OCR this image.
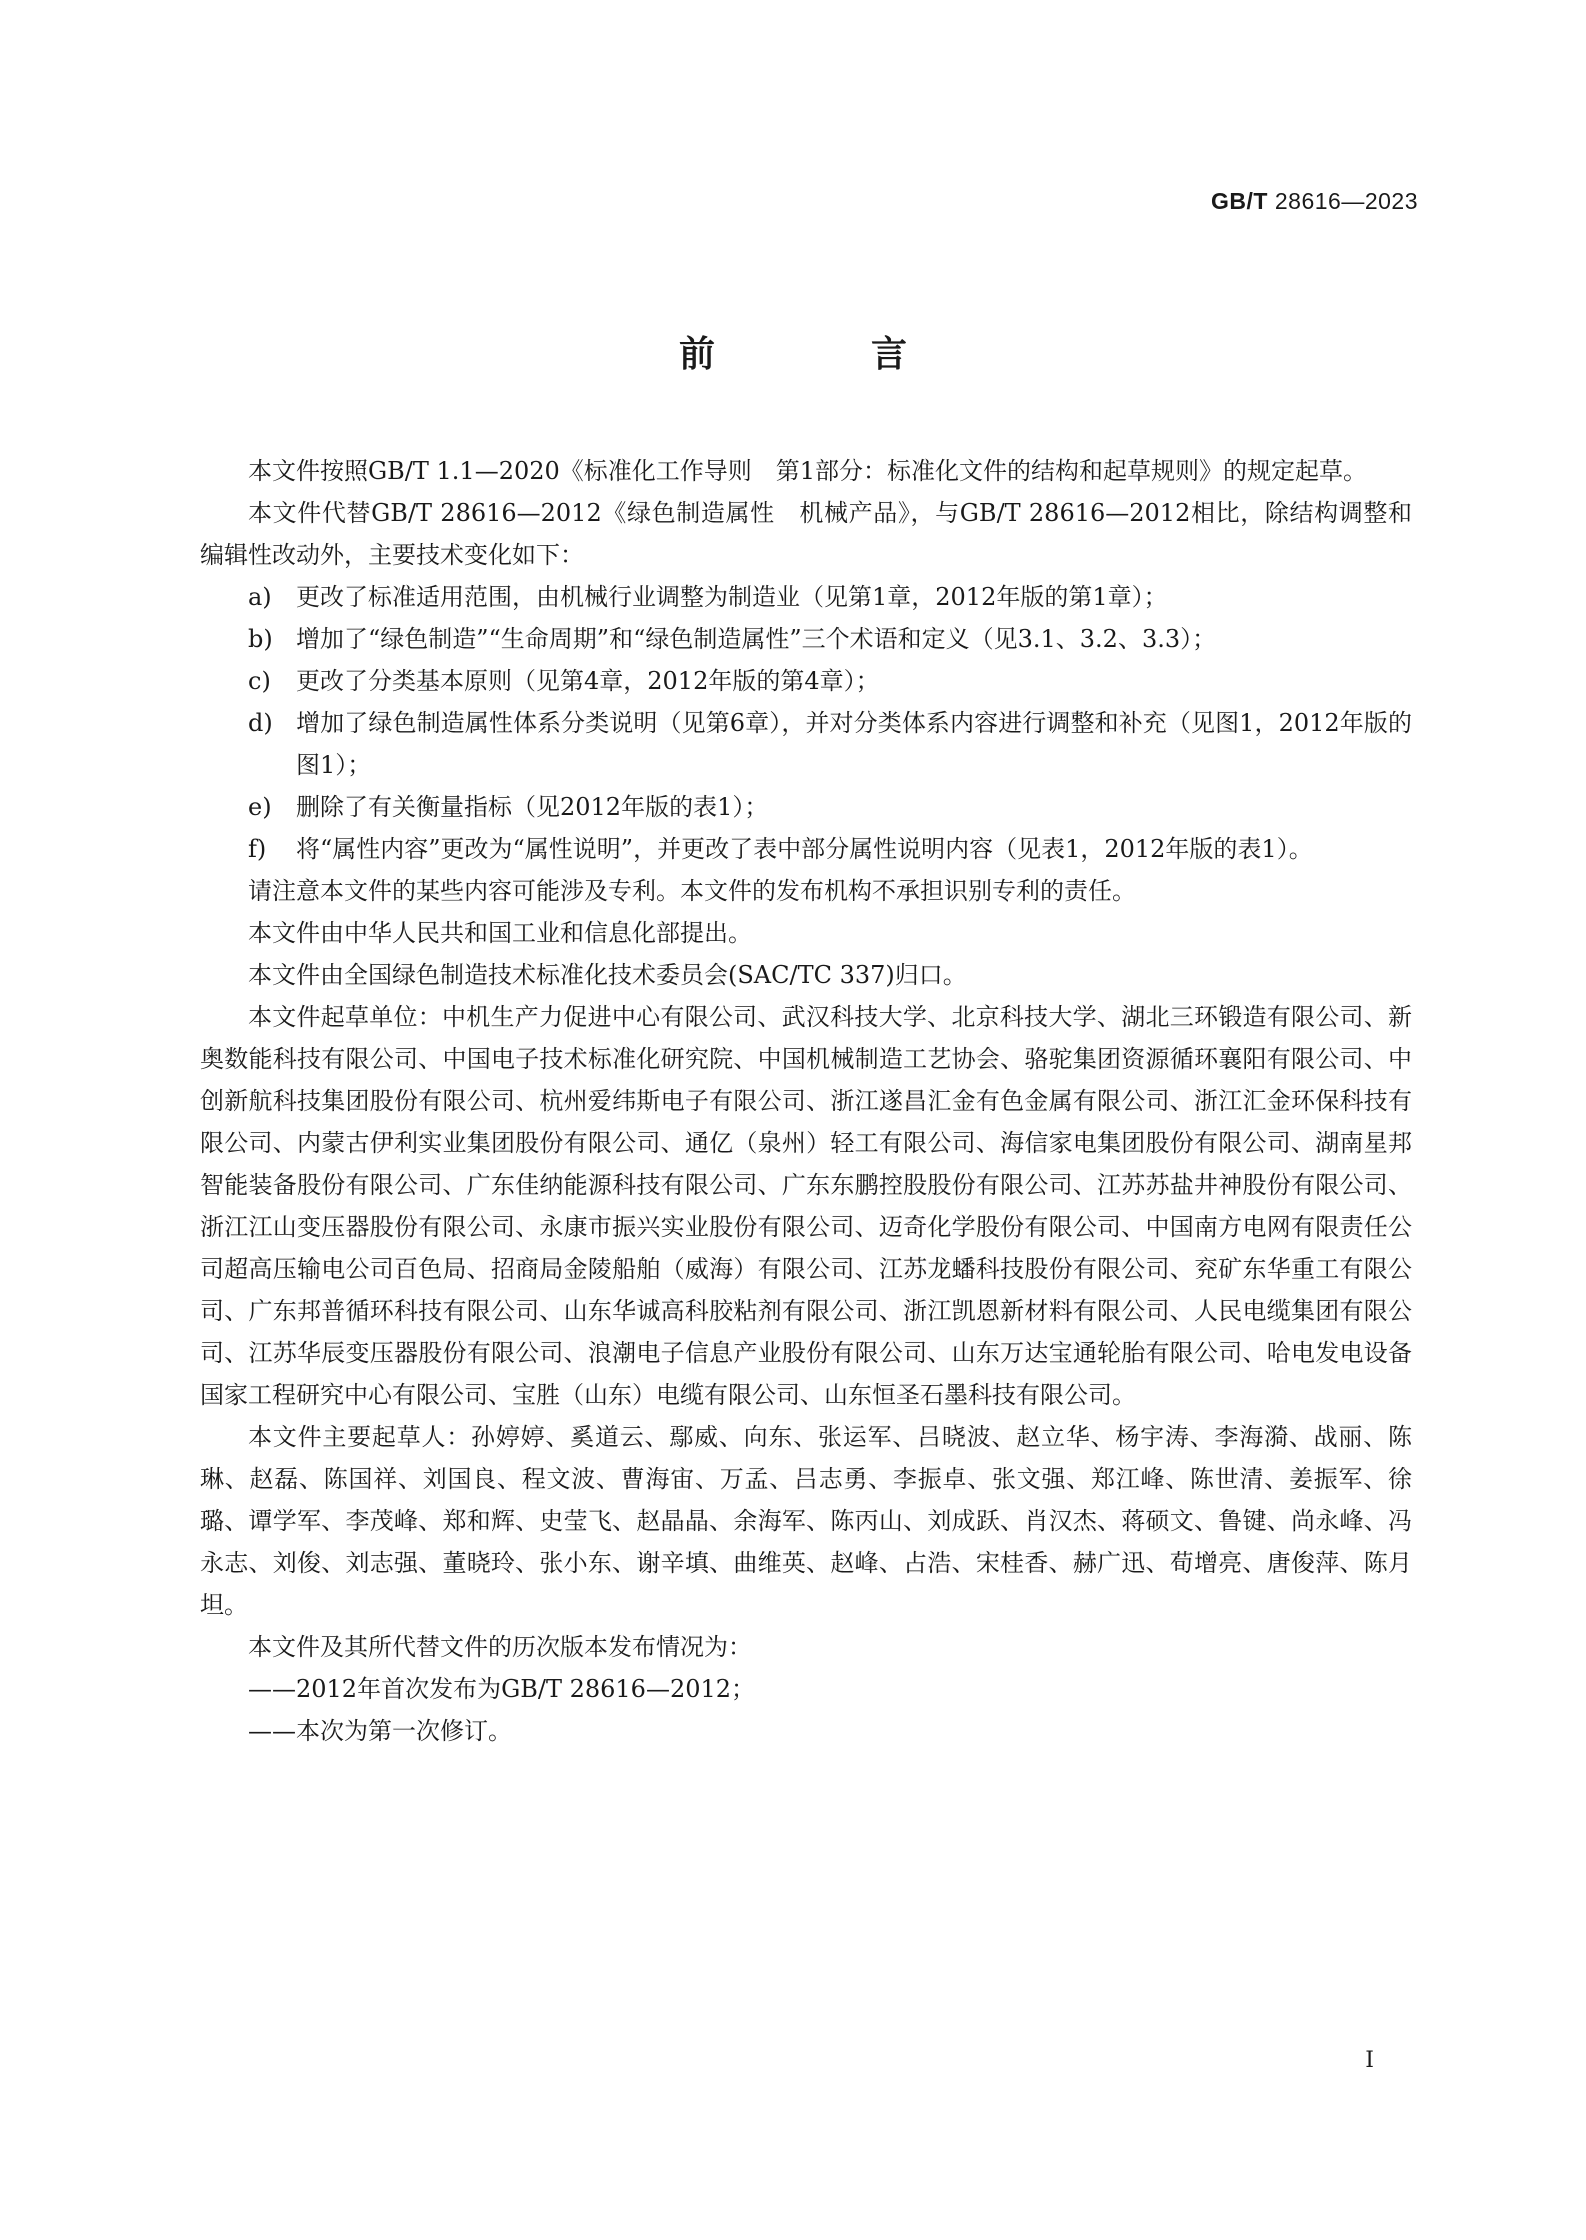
GB/T 28616—2023
前　言

本文件按照GB/T 1.1—2020《标准化工作导则　第1部分：标准化文件的结构和起草规则》的规定起草。

本文件代替GB/T 28616—2012《绿色制造属性　机械产品》，与GB/T 28616—2012相比，除结构调整和编辑性改动外，主要技术变化如下：

a) 更改了标准适用范围，由机械行业调整为制造业（见第1章，2012年版的第1章）；

b) 增加了“绿色制造”“生命周期”和“绿色制造属性”三个术语和定义（见3.1、3.2、3.3）；

c) 更改了分类基本原则（见第4章，2012年版的第4章）；

d) 增加了绿色制造属性体系分类说明（见第6章），并对分类体系内容进行调整和补充（见图1，2012年版的图1）；

e) 删除了有关衡量指标（见2012年版的表1）；

f) 将“属性内容”更改为“属性说明”，并更改了表中部分属性说明内容（见表1，2012年版的表1）。

请注意本文件的某些内容可能涉及专利。本文件的发布机构不承担识别专利的责任。

本文件由中华人民共和国工业和信息化部提出。

本文件由全国绿色制造技术标准化技术委员会(SAC/TC 337)归口。

本文件起草单位：中机生产力促进中心有限公司、武汉科技大学、北京科技大学、湖北三环锻造有限公司、新奥数能科技有限公司、中国电子技术标准化研究院、中国机械制造工艺协会、骆驼集团资源循环襄阳有限公司、中创新航科技集团股份有限公司、杭州爱纬斯电子有限公司、浙江遂昌汇金有色金属有限公司、浙江汇金环保科技有限公司、内蒙古伊利实业集团股份有限公司、通亿（泉州）轻工有限公司、海信家电集团股份有限公司、湖南星邦智能装备股份有限公司、广东佳纳能源科技有限公司、广东东鹏控股股份有限公司、江苏苏盐井神股份有限公司、浙江江山变压器股份有限公司、永康市振兴实业股份有限公司、迈奇化学股份有限公司、中国南方电网有限责任公司超高压输电公司百色局、招商局金陵船舶（威海）有限公司、江苏龙蟠科技股份有限公司、兖矿东华重工有限公司、广东邦普循环科技有限公司、山东华诚高科胶粘剂有限公司、浙江凯恩新材料有限公司、人民电缆集团有限公司、江苏华辰变压器股份有限公司、浪潮电子信息产业股份有限公司、山东万达宝通轮胎有限公司、哈电发电设备国家工程研究中心有限公司、宝胜（山东）电缆有限公司、山东恒圣石墨科技有限公司。

本文件主要起草人：孙婷婷、奚道云、鄢威、向东、张运军、吕晓波、赵立华、杨宇涛、李海漪、战丽、陈琳、赵磊、陈国祥、刘国良、程文波、曹海宙、万孟、吕志勇、李振卓、张文强、郑江峰、陈世清、姜振军、徐璐、谭学军、李茂峰、郑和辉、史莹飞、赵晶晶、余海军、陈丙山、刘成跃、肖汉杰、蒋硕文、鲁键、尚永峰、冯永志、刘俊、刘志强、董晓玲、张小东、谢辛填、曲维英、赵峰、占浩、宋桂香、赫广迅、荀增亮、唐俊萍、陈月坦。

本文件及其所代替文件的历次版本发布情况为：

——2012年首次发布为GB/T 28616—2012；

——本次为第一次修订。

Ⅰ
